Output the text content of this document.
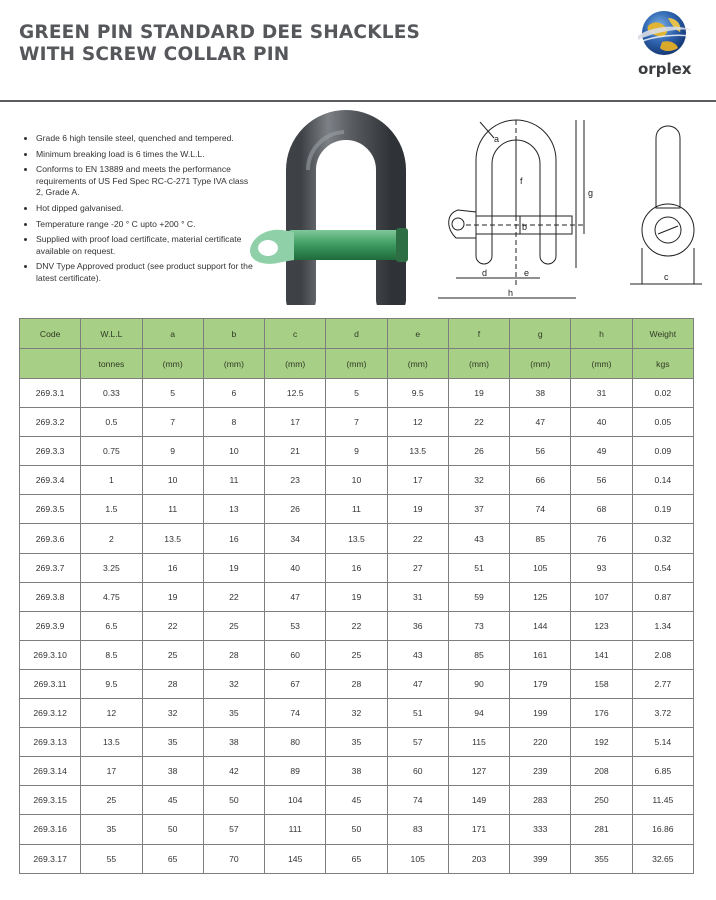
GREEN PIN STANDARD DEE SHACKLES
WITH SCREW COLLAR PIN
orplex
Grade 6 high tensile steel, quenched and tempered.
Minimum breaking load is 6 times the W.L.L.
Conforms to EN 13889 and meets the performance requirements of US Fed Spec RC-C-271 Type IVA class 2, Grade A.
Hot dipped galvanised.
Temperature range -20 ° C upto +200 ° C.
Supplied with proof load certificate, material certificate available on request.
DNV Type Approved product (see product support for the latest certificate).
a
f
b
g
d	e
h
c
Code	W.L.L	a	b	c	d	e	f	g	h	Weight
	tonnes	(mm)	(mm)	(mm)	(mm)	(mm)	(mm)	(mm)	(mm)	kgs
269.3.1	0.33	5	6	12.5	5	9.5	19	38	31	0.02
269.3.2	0.5	7	8	17	7	12	22	47	40	0.05
269.3.3	0.75	9	10	21	9	13.5	26	56	49	0.09
269.3.4	1	10	11	23	10	17	32	66	56	0.14
269.3.5	1.5	11	13	26	11	19	37	74	68	0.19
269.3.6	2	13.5	16	34	13.5	22	43	85	76	0.32
269.3.7	3.25	16	19	40	16	27	51	105	93	0.54
269.3.8	4.75	19	22	47	19	31	59	125	107	0.87
269.3.9	6.5	22	25	53	22	36	73	144	123	1.34
269.3.10	8.5	25	28	60	25	43	85	161	141	2.08
269.3.11	9.5	28	32	67	28	47	90	179	158	2.77
269.3.12	12	32	35	74	32	51	94	199	176	3.72
269.3.13	13.5	35	38	80	35	57	115	220	192	5.14
269.3.14	17	38	42	89	38	60	127	239	208	6.85
269.3.15	25	45	50	104	45	74	149	283	250	11.45
269.3.16	35	50	57	111	50	83	171	333	281	16.86
269.3.17	55	65	70	145	65	105	203	399	355	32.65
